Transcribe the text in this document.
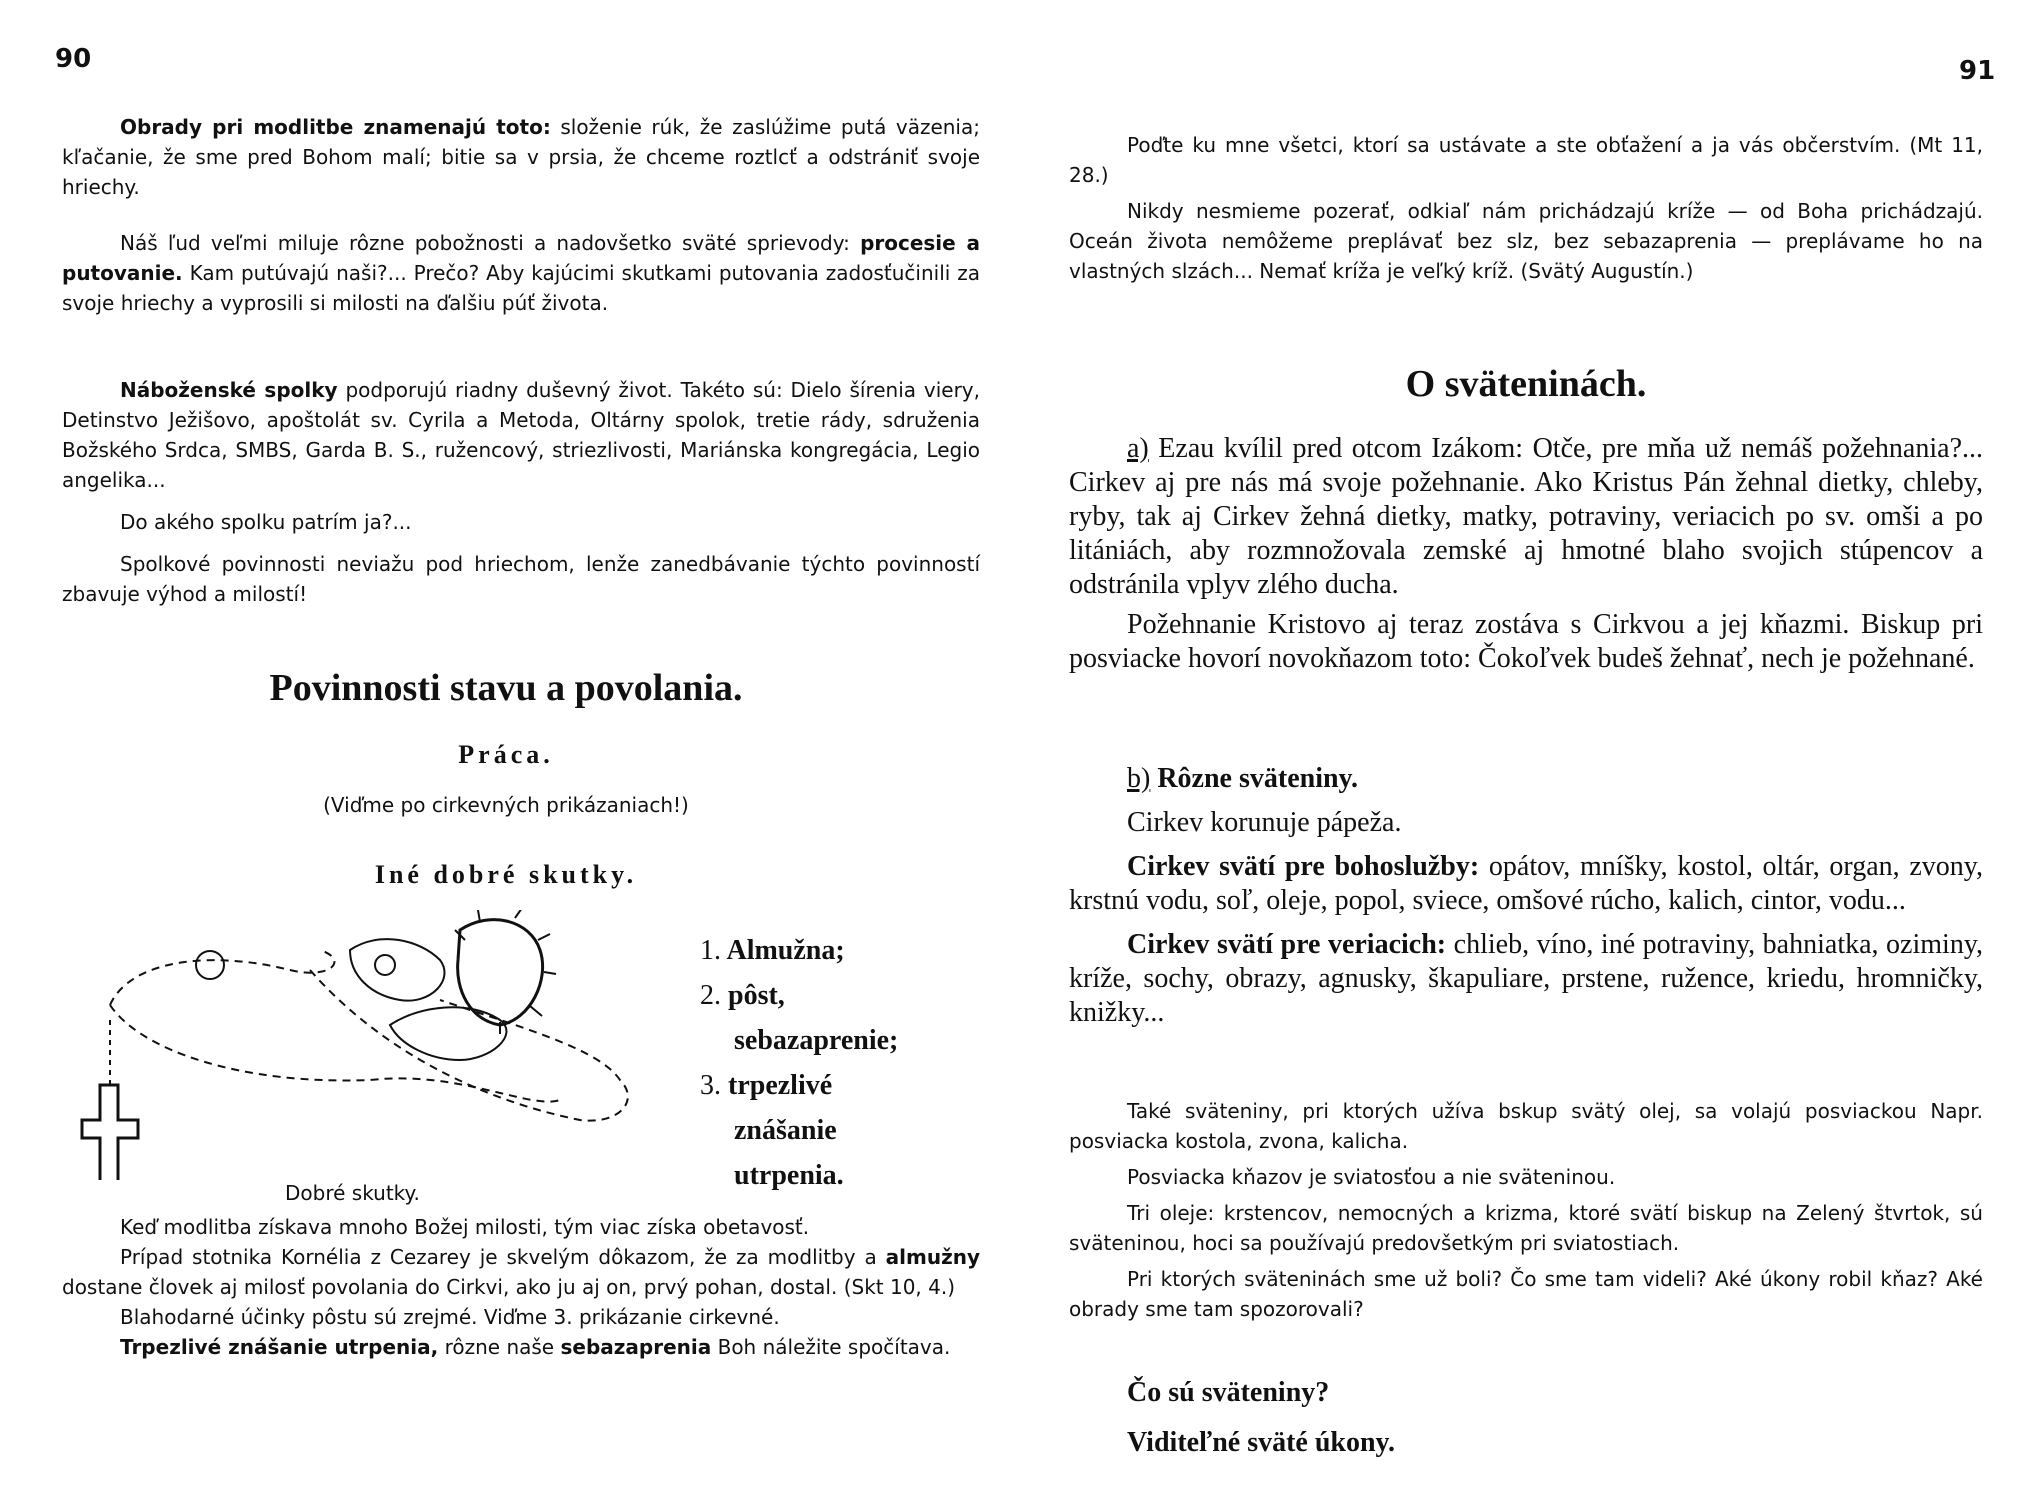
90

Obrady pri modlitbe znamenajú toto: složenie rúk, že zaslúžime putá väzenia; kľačanie, že sme pred Bohom malí; bitie sa v prsia, že chceme roztlcť a odstrániť svoje hriechy.

Náš ľud veľmi miluje rôzne pobožnosti a nadovšetko sväté sprievody: procesie a putovanie. Kam putúvajú naši?... Prečo? Aby kajúcimi skutkami putovania zadosťučinili za svoje hriechy a vyprosili si milosti na ďalšiu púť života.

Náboženské spolky podporujú riadny duševný život. Takéto sú: Dielo šírenia viery, Detinstvo Ježišovo, apoštolát sv. Cyrila a Metoda, Oltárny spolok, tretie rády, sdruženia Božského Srdca, SMBS, Garda B. S., ružencový, striezlivosti, Mariánska kongregácia, Legio angelika...

Do akého spolku patrím ja?...

Spolkové povinnosti neviažu pod hriechom, lenže zanedbávanie týchto povinností zbavuje výhod a milostí!

Povinnosti stavu a povolania.
Práca.
(Viďme po cirkevných prikázaniach!)
Iné dobré skutky.
1. Almužna;
2. pôst,
sebazaprenie;
3. trpezlivé
znášanie
utrpenia.
Dobré skutky.

Keď modlitba získava mnoho Božej milosti, tým viac získa obetavosť.

Prípad stotnika Kornélia z Cezarey je skvelým dôkazom, že za modlitby a almužny dostane človek aj milosť povolania do Cirkvi, ako ju aj on, prvý pohan, dostal. (Skt 10, 4.)

Blahodarné účinky pôstu sú zrejmé. Viďme 3. prikázanie cirkevné.

Trpezlivé znášanie utrpenia, rôzne naše sebazaprenia Boh náležite spočítava.

91

Poďte ku mne všetci, ktorí sa ustávate a ste obťažení a ja vás občerstvím. (Mt 11, 28.)

Nikdy nesmieme pozerať, odkiaľ nám prichádzajú kríže — od Boha prichádzajú. Oceán života nemôžeme preplávať bez slz, bez sebazaprenia — preplávame ho na vlastných slzách... Nemať kríža je veľký kríž. (Svätý Augustín.)

O sväteninách.

a) Ezau kvílil pred otcom Izákom: Otče, pre mňa už nemáš požehnania?... Cirkev aj pre nás má svoje požehnanie. Ako Kristus Pán žehnal dietky, chleby, ryby, tak aj Cirkev žehná dietky, matky, potraviny, veriacich po sv. omši a po litániách, aby rozmnožovala zemské aj hmotné blaho svojich stúpencov a odstránila vplyv zlého ducha.

Požehnanie Kristovo aj teraz zostáva s Cirkvou a jej kňazmi. Biskup pri posviacke hovorí novokňazom toto: Čokoľvek budeš žehnať, nech je požehnané.

b) Rôzne sväteniny.

Cirkev korunuje pápeža.

Cirkev svätí pre bohoslužby: opátov, mníšky, kostol, oltár, organ, zvony, krstnú vodu, soľ, oleje, popol, sviece, omšové rúcho, kalich, cintor, vodu...

Cirkev svätí pre veriacich: chlieb, víno, iné potraviny, bahniatka, oziminy, kríže, sochy, obrazy, agnusky, škapuliare, prstene, ružence, kriedu, hromničky, knižky...

Také sväteniny, pri ktorých užíva bskup svätý olej, sa volajú posviackou Napr. posviacka kostola, zvona, kalicha.

Posviacka kňazov je sviatosťou a nie sväteninou.

Tri oleje: krstencov, nemocných a krizma, ktoré svätí biskup na Zelený štvrtok, sú sväteninou, hoci sa používajú predovšetkým pri sviatostiach.

Pri ktorých sväteninách sme už boli? Čo sme tam videli? Aké úkony robil kňaz? Aké obrady sme tam spozorovali?

Čo sú sväteniny?
Viditeľné sväté úkony.
